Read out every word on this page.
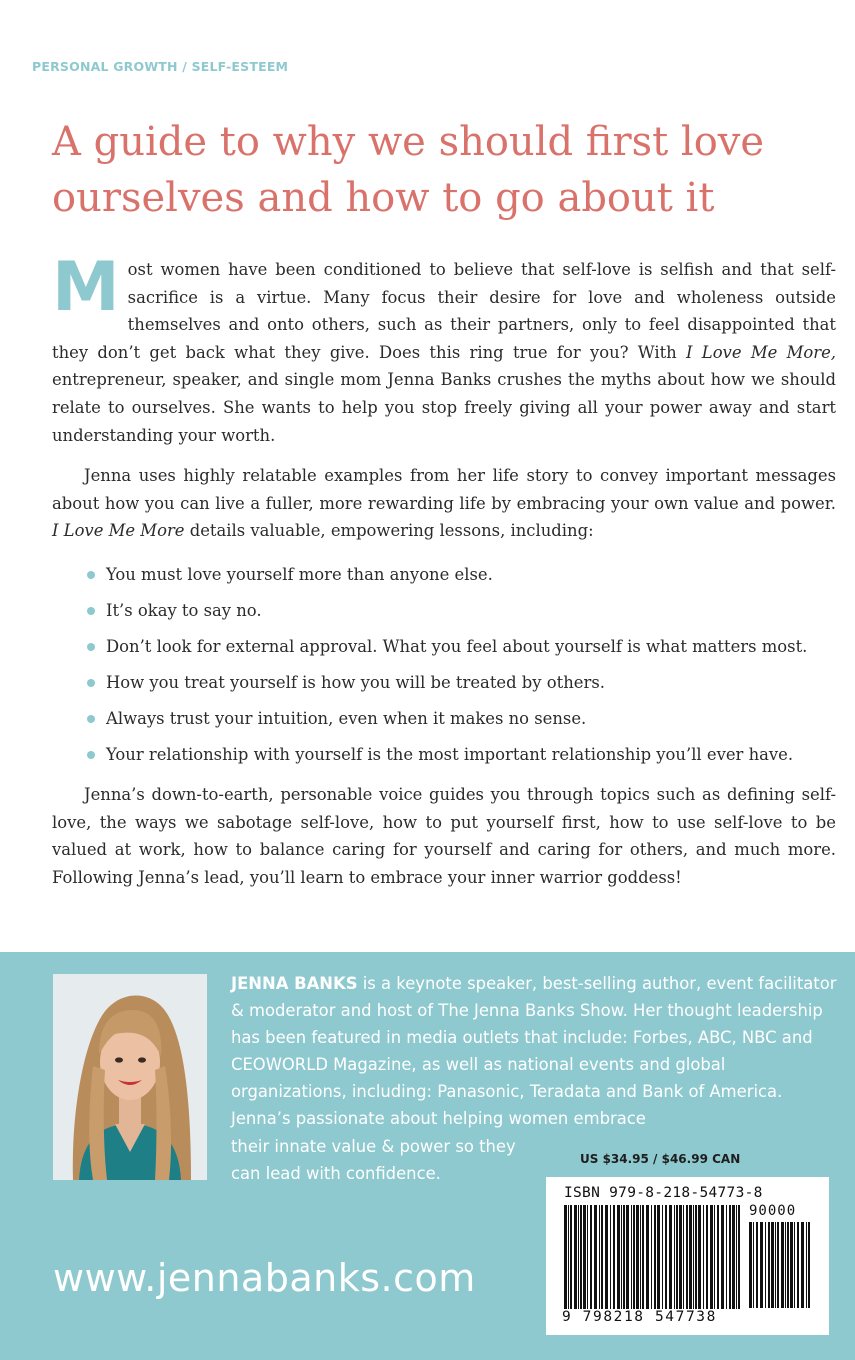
PERSONAL GROWTH / SELF-ESTEEM
A guide to why we should first love
ourselves and how to go about it

Most women have been conditioned to believe that self-love is selfish and that self-sacrifice is a virtue. Many focus their desire for love and wholeness outside themselves and onto others, such as their partners, only to feel disappointed that they don’t get back what they give. Does this ring true for you? With I Love Me More, entrepreneur, speaker, and single mom Jenna Banks crushes the myths about how we should relate to ourselves. She wants to help you stop freely giving all your power away and start understanding your worth.

Jenna uses highly relatable examples from her life story to convey important messages about how you can live a fuller, more rewarding life by embracing your own value and power. I Love Me More details valuable, empowering lessons, including:

You must love yourself more than anyone else.
It’s okay to say no.
Don’t look for external approval. What you feel about yourself is what matters most.
How you treat yourself is how you will be treated by others.
Always trust your intuition, even when it makes no sense.
Your relationship with yourself is the most important relationship you’ll ever have.

Jenna’s down-to-earth, personable voice guides you through topics such as defining self-love, the ways we sabotage self-love, how to put yourself first, how to use self-love to be valued at work, how to balance caring for yourself and caring for others, and much more. Following Jenna’s lead, you’ll learn to embrace your inner warrior goddess!

JENNA BANKS is a keynote speaker, best-selling author, event facilitator & moderator and host of The Jenna Banks Show. Her thought leadership has been featured in media outlets that include: Forbes, ABC, NBC and CEOWORLD Magazine, as well as national events and global organizations, including: Panasonic, Teradata and Bank of America. Jenna’s passionate about helping women embrace
their innate value & power so they
can lead with confidence.
US $34.95 / $46.99 CAN
ISBN 979-8-218-54773-8
90000
9 798218 547738
www.jennabanks.com
